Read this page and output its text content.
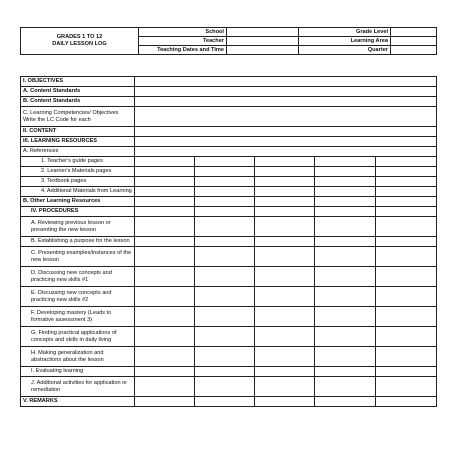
GRADES 1 TO 12
DAILY LESSON LOG	School		Grade Level	
	Teacher		Learning Area	
	Teaching Dates and Time		Quarter	
I. OBJECTIVES					
A. Content Standards					
B. Content Standards					
C. Learning Competencies/ Objectives Write the LC Code for each					
II. CONTENT					
III. LEARNING RESOURCES					
A. References					
1. Teacher's guide pages					
2. Learner's Materials pages					
3. Textbook pages					
4. Additional Materials from Learning					
B. Other Learning Resources					
IV. PROCEDURES					
A. Reviewing previous lesson or presenting the new lesson					
B. Establishing a purpose for the lesson					
C. Presenting examples/instances of the new lesson					
D. Discussing new concepts and practicing new skills #1					
E. Discussing new concepts and practicing new skills #2					
F. Developing mastery (Leads to formative assessment 3)					
G. Finding practical applications of concepts and skills in daily living					
H. Making generalization and abstractions about the lesson					
I. Evaluating learning					
J. Additional activities for application or remediation					
V. REMARKS					
